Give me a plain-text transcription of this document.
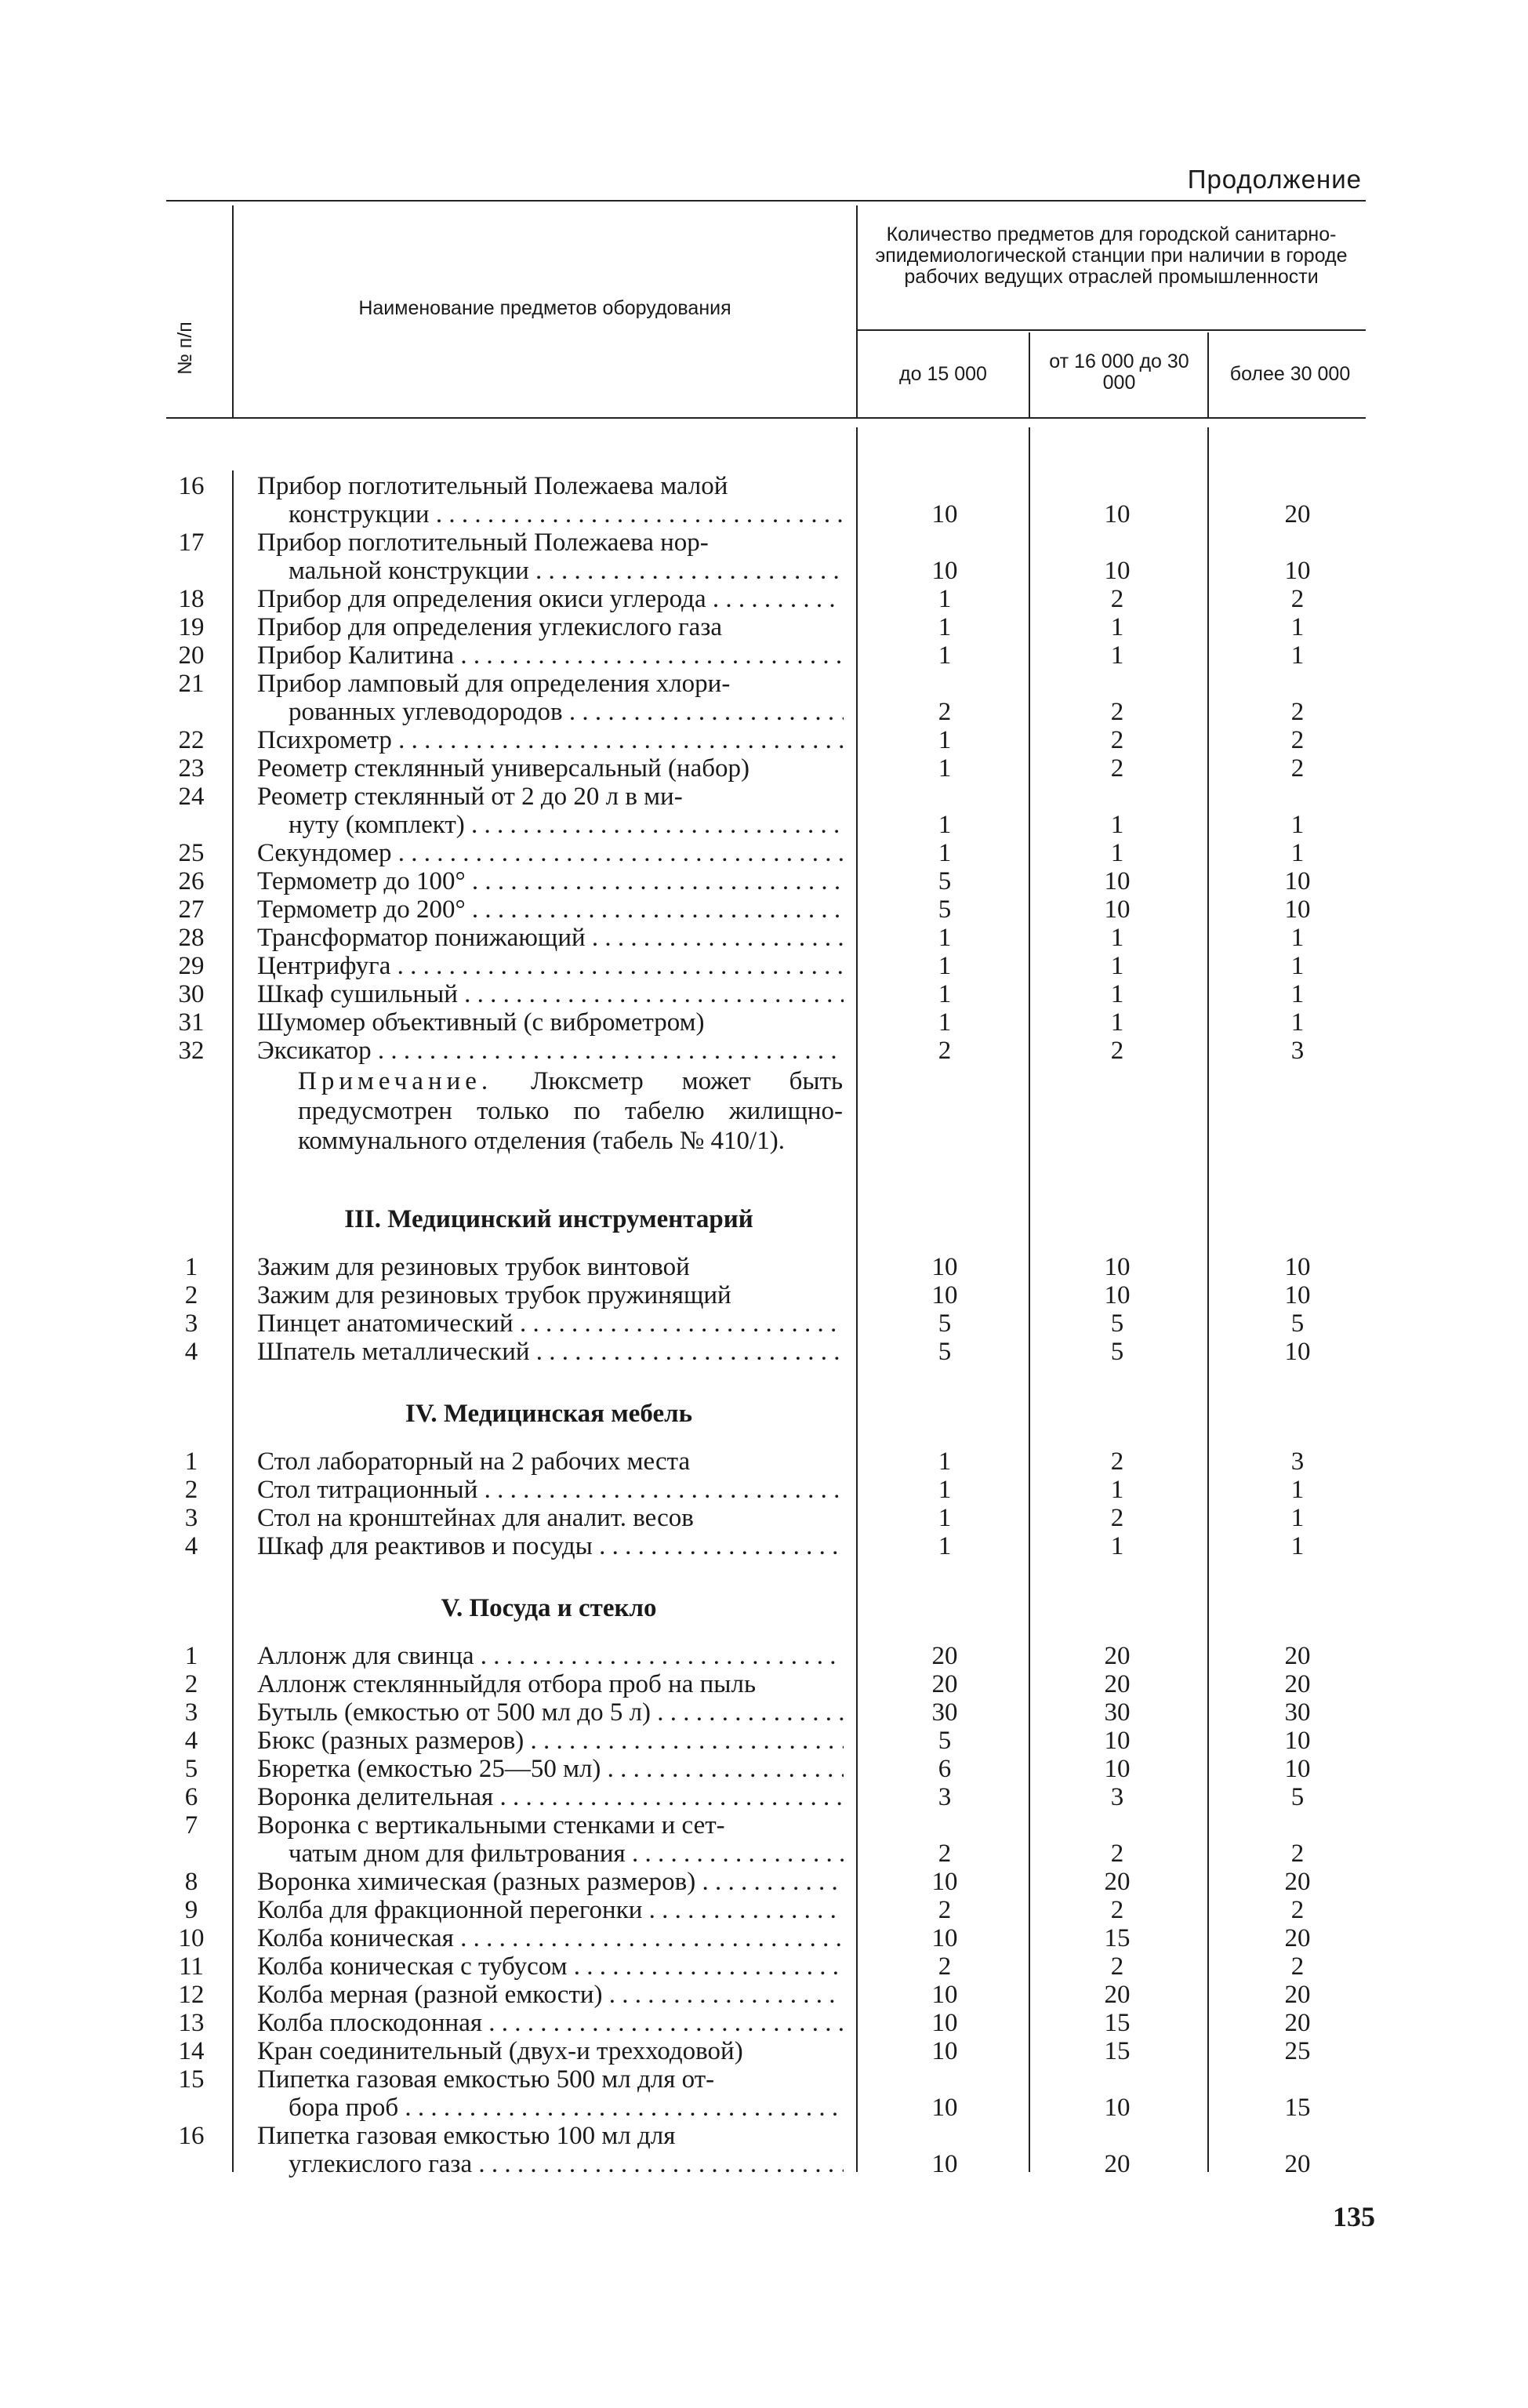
Продолжение
№ п/п
Наименование предметов оборудования
Количество предметов для городской санитарно-эпидемиологической станции при наличии в городе рабочих ведущих отраслей промышленности
до 15 000
от 16 000 до 30 000	более 30 000
16	Прибор поглотительный Полежаева малой
конструкции . . .	10	10	20
17	Прибор поглотительный Полежаева нор-
мальной конструкции . . .	10	10	10
18	Прибор для определения окиси углерода . . .	1	2	2
19	Прибор для определения углекислого газа	1	1	1
20	Прибор Калитина . . .	1	1	1
21	Прибор ламповый для определения хлори-
рованных углеводородов . . .	2	2	2
22	Психрометр . . .	1	2	2
23	Реометр стеклянный универсальный (набор)	1	2	2
24	Реометр стеклянный от 2 до 20 л в ми-
нуту (комплект) . . .	1	1	1
25	Секундомер . . .	1	1	1
26	Термометр до 100° . . .	5	10	10
27	Термометр до 200° . . .	5	10	10
28	Трансформатор понижающий . . .	1	1	1
29	Центрифуга . . .	1	1	1
30	Шкаф сушильный . . .	1	1	1
31	Шумомер объективный (с виброметром)	1	1	1
32	Эксикатор . . .	2	2	3
Примечание. Люксметр может быть предусмотрен только по табелю жилищно-коммунального отделения (табель № 410/1).
III. Медицинский инструментарий
1	Зажим для резиновых трубок винтовой	10	10	10
2	Зажим для резиновых трубок пружинящий	10	10	10
3	Пинцет анатомический . . .	5	5	5
4	Шпатель металлический . . .	5	5	10
IV. Медицинская мебель
1	Стол лабораторный на 2 рабочих места	1	2	3
2	Стол титрационный . . .	1	1	1
3	Стол на кронштейнах для аналит. весов	1	2	1
4	Шкаф для реактивов и посуды . . .	1	1	1
V. Посуда и стекло
1	Аллонж для свинца . . .	20	20	20
2	Аллонж стеклянныйдля отбора проб на пыль	20	20	20
3	Бутыль (емкостью от 500 мл до 5 л) . . .	30	30	30
4	Бюкс (разных размеров) . . .	5	10	10
5	Бюретка (емкостью 25—50 мл) . . .	6	10	10
6	Воронка делительная . . .	3	3	5
7	Воронка с вертикальными стенками и сет-
чатым дном для фильтрования . . .	2	2	2
8	Воронка химическая (разных размеров) . . .	10	20	20
9	Колба для фракционной перегонки . . .	2	2	2
10	Колба коническая . . .	10	15	20
11	Колба коническая с тубусом . . .	2	2	2
12	Колба мерная (разной емкости) . . .	10	20	20
13	Колба плоскодонная . . .	10	15	20
14	Кран соединительный (двух-и трехходовой)	10	15	25
15	Пипетка газовая емкостью 500 мл для от-
бора проб . . .	10	10	15
16	Пипетка газовая емкостью 100 мл для
углекислого газа . . .	10	20	20
135
